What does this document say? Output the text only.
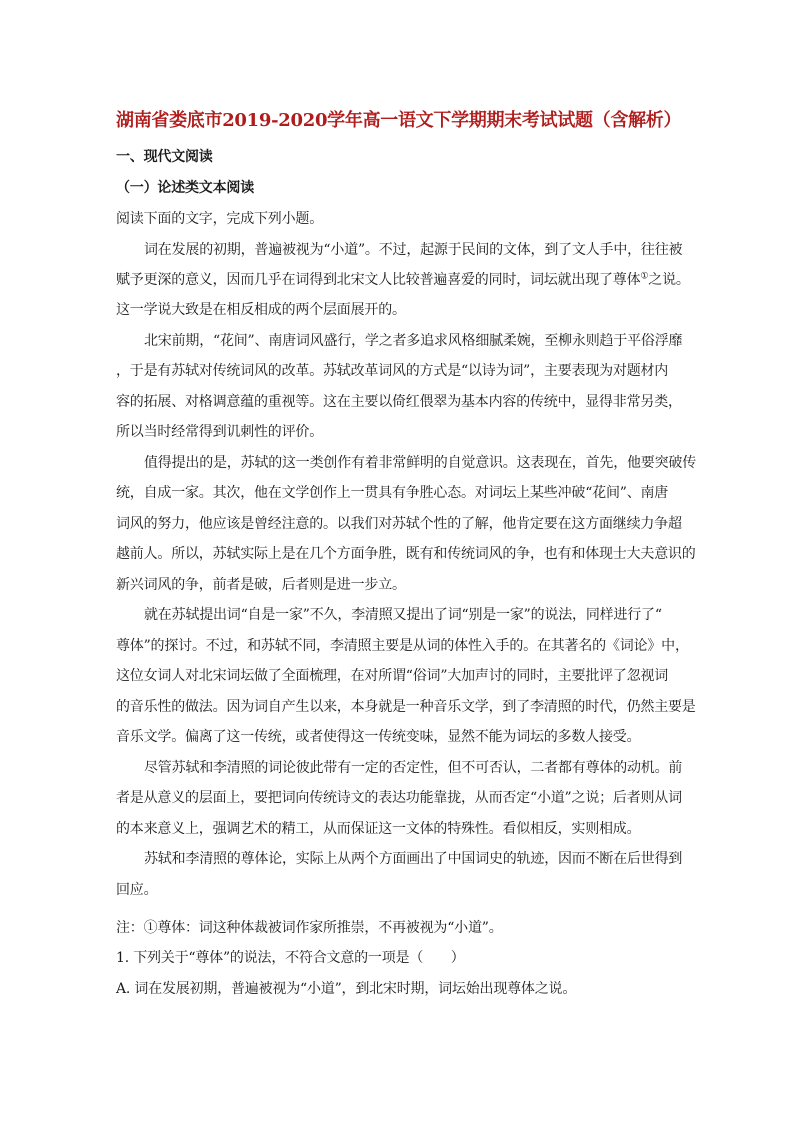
湖南省娄底市2019-2020学年高一语文下学期期末考试试题（含解析）
一、现代文阅读
（一）论述类文本阅读
阅读下面的文字，完成下列小题。
词在发展的初期，普遍被视为“小道”。不过，起源于民间的文体，到了文人手中，往往被
赋予更深的意义，因而几乎在词得到北宋文人比较普遍喜爱的同时，词坛就出现了尊体①之说。
这一学说大致是在相反相成的两个层面展开的。
北宋前期，“花间”、南唐词风盛行，学之者多追求风格细腻柔婉，至柳永则趋于平俗浮靡
，于是有苏轼对传统词风的改革。苏轼改革词风的方式是“以诗为词”，主要表现为对题材内
容的拓展、对格调意蕴的重视等。这在主要以倚红偎翠为基本内容的传统中，显得非常另类，
所以当时经常得到讥刺性的评价。
值得提出的是，苏轼的这一类创作有着非常鲜明的自觉意识。这表现在，首先，他要突破传
统，自成一家。其次，他在文学创作上一贯具有争胜心态。对词坛上某些冲破“花间”、南唐
词风的努力，他应该是曾经注意的。以我们对苏轼个性的了解，他肯定要在这方面继续力争超
越前人。所以，苏轼实际上是在几个方面争胜，既有和传统词风的争，也有和体现士大夫意识的
新兴词风的争，前者是破，后者则是进一步立。
就在苏轼提出词“自是一家”不久，李清照又提出了词“别是一家”的说法，同样进行了“
尊体”的探讨。不过，和苏轼不同，李清照主要是从词的体性入手的。在其著名的《词论》中，
这位女词人对北宋词坛做了全面梳理，在对所谓“俗词”大加声讨的同时，主要批评了忽视词
的音乐性的做法。因为词自产生以来，本身就是一种音乐文学，到了李清照的时代，仍然主要是
音乐文学。偏离了这一传统，或者使得这一传统变味，显然不能为词坛的多数人接受。
尽管苏轼和李清照的词论彼此带有一定的否定性，但不可否认，二者都有尊体的动机。前
者是从意义的层面上，要把词向传统诗文的表达功能靠拢，从而否定“小道”之说；后者则从词
的本来意义上，强调艺术的精工，从而保证这一文体的特殊性。看似相反，实则相成。
苏轼和李清照的尊体论，实际上从两个方面画出了中国词史的轨迹，因而不断在后世得到
回应。
注：①尊体：词这种体裁被词作家所推崇，不再被视为“小道”。
1. 下列关于“尊体”的说法，不符合文意的一项是（　　）
A. 词在发展初期，普遍被视为“小道”，到北宋时期，词坛始出现尊体之说。
